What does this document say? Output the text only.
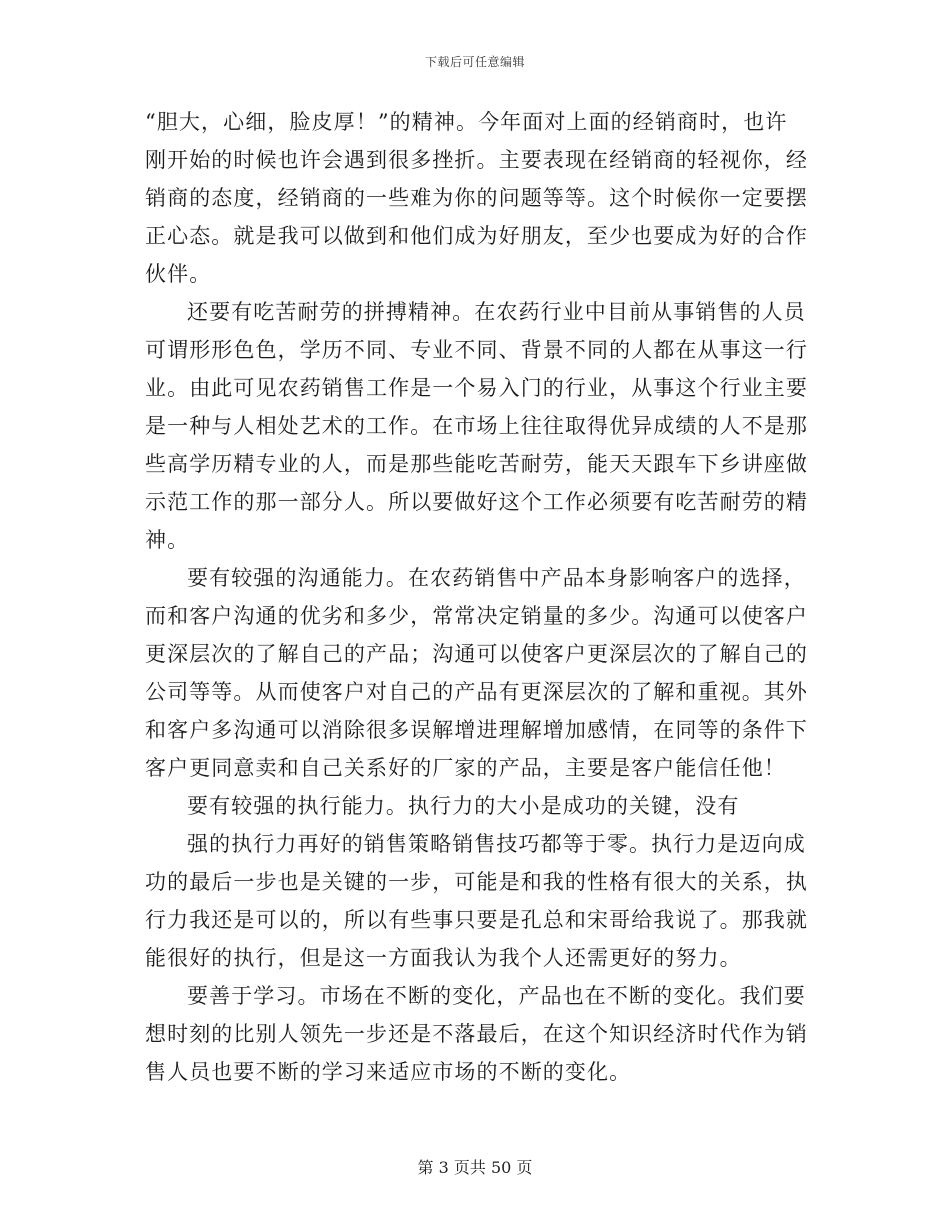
下载后可任意编辑
“胆大，心细，脸皮厚！”的精神。今年面对上面的经销商时，也许
刚开始的时候也许会遇到很多挫折。主要表现在经销商的轻视你，经
销商的态度，经销商的一些难为你的问题等等。这个时候你一定要摆
正心态。就是我可以做到和他们成为好朋友，至少也要成为好的合作
伙伴。
还要有吃苦耐劳的拼搏精神。在农药行业中目前从事销售的人员
可谓形形色色，学历不同、专业不同、背景不同的人都在从事这一行
业。由此可见农药销售工作是一个易入门的行业，从事这个行业主要
是一种与人相处艺术的工作。在市场上往往取得优异成绩的人不是那
些高学历精专业的人，而是那些能吃苦耐劳，能天天跟车下乡讲座做
示范工作的那一部分人。所以要做好这个工作必须要有吃苦耐劳的精
神。
要有较强的沟通能力。在农药销售中产品本身影响客户的选择，
而和客户沟通的优劣和多少，常常决定销量的多少。沟通可以使客户
更深层次的了解自己的产品；沟通可以使客户更深层次的了解自己的
公司等等。从而使客户对自己的产品有更深层次的了解和重视。其外
和客户多沟通可以消除很多误解增进理解增加感情，在同等的条件下
客户更同意卖和自己关系好的厂家的产品，主要是客户能信任他！
要有较强的执行能力。执行力的大小是成功的关键，没有
强的执行力再好的销售策略销售技巧都等于零。执行力是迈向成
功的最后一步也是关键的一步，可能是和我的性格有很大的关系，执
行力我还是可以的，所以有些事只要是孔总和宋哥给我说了。那我就
能很好的执行，但是这一方面我认为我个人还需更好的努力。
要善于学习。市场在不断的变化，产品也在不断的变化。我们要
想时刻的比别人领先一步还是不落最后，在这个知识经济时代作为销
售人员也要不断的学习来适应市场的不断的变化。
第 3 页共 50 页
